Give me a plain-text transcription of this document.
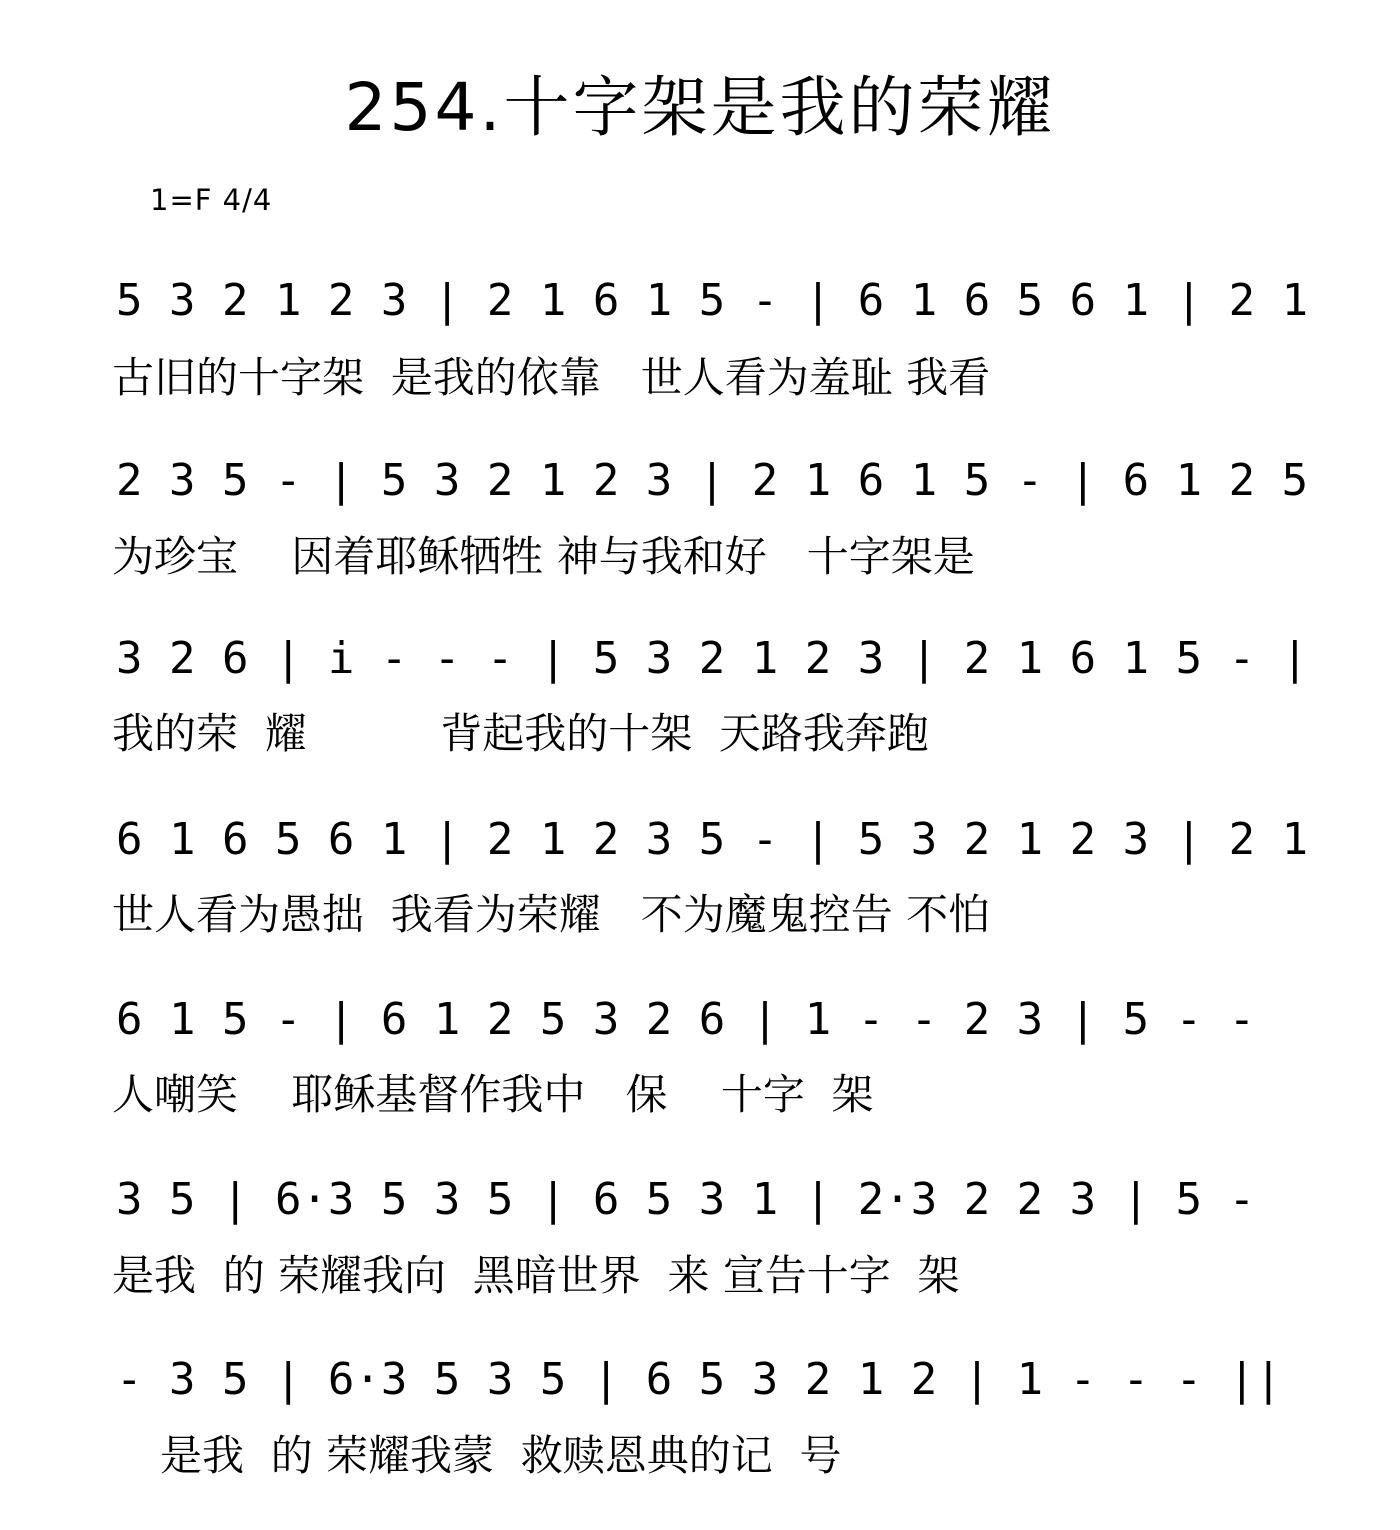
254.十字架是我的荣耀
1=F 4/4
5 3 2 1 2 3 | 2 1 6 1 5 - | 6 1 6 5 6 1 | 2 1
古旧的十字架  是我的依靠   世人看为羞耻 我看
2 3 5 - | 5 3 2 1 2 3 | 2 1 6 1 5 - | 6 1 2 5
为珍宝    因着耶稣牺牲 神与我和好   十字架是
3 2 6 | i - - - | 5 3 2 1 2 3 | 2 1 6 1 5 - |
我的荣  耀          背起我的十架  天路我奔跑
6 1 6 5 6 1 | 2 1 2 3 5 - | 5 3 2 1 2 3 | 2 1
世人看为愚拙  我看为荣耀   不为魔鬼控告 不怕
6 1 5 - | 6 1 2 5 3 2 6 | 1 - - 2 3 | 5 - -
人嘲笑    耶稣基督作我中   保    十字  架
3 5 | 6·3 5 3 5 | 6 5 3 1 | 2·3 2 2 3 | 5 -
是我  的 荣耀我向  黑暗世界  来 宣告十字  架
- 3 5 | 6·3 5 3 5 | 6 5 3 2 1 2 | 1 - - - ||
是我  的 荣耀我蒙  救赎恩典的记  号
